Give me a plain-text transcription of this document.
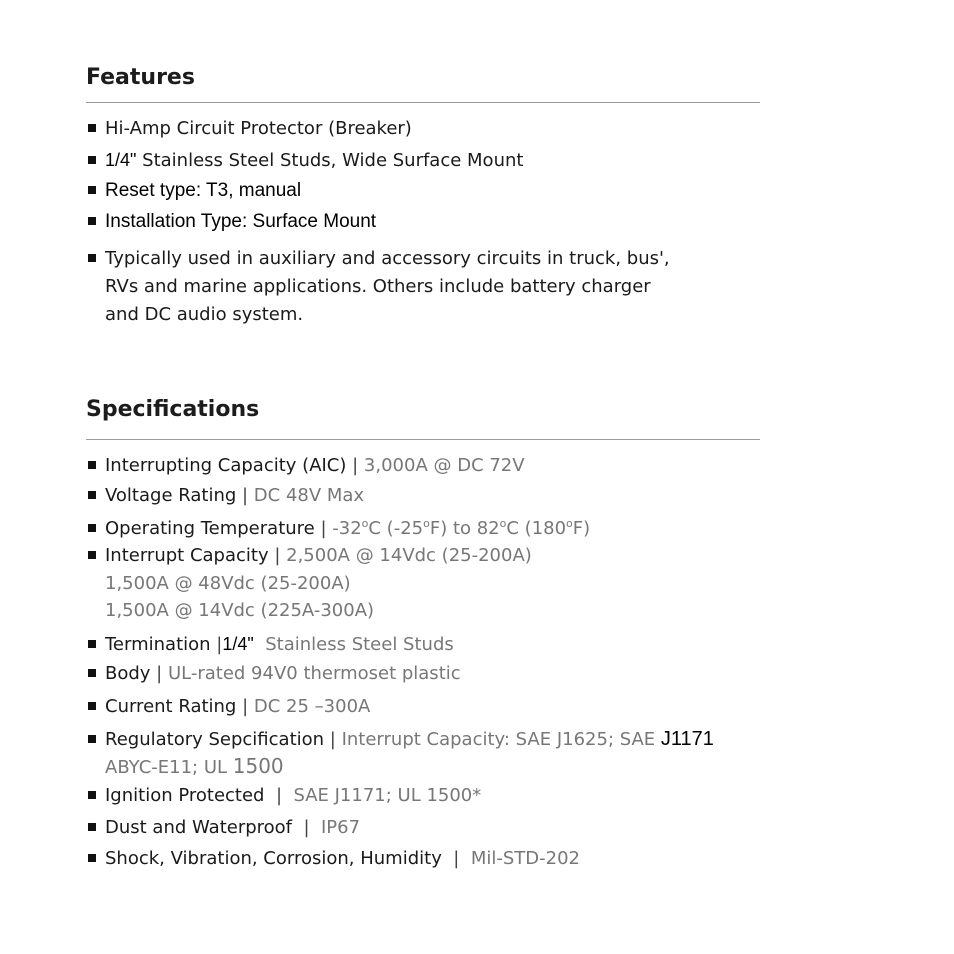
Features
Hi-Amp Circuit Protector (Breaker)
1/4" Stainless Steel Studs, Wide Surface Mount
Reset type: T3, manual
Installation Type: Surface Mount
Typically used in auxiliary and accessory circuits in truck, bus',
RVs and marine applications. Others include battery charger
and DC audio system.
Specifications
Interrupting Capacity (AIC) | 3,000A @ DC 72V
Voltage Rating | DC 48V Max
Operating Temperature | -32$^o$C (-25$^o$F) to 82$^o$C (180$^o$F)
Interrupt Capacity | 2,500A @ 14Vdc (25-200A)
1,500A @ 48Vdc (25-200A)
1,500A @ 14Vdc (225A-300A)
Termination |1/4"  Stainless Steel Studs
Body | UL-rated 94V0 thermoset plastic
Current Rating | DC 25 –300A
Regulatory Sepcification | Interrupt Capacity: SAE J1625; SAE J1171
ABYC-E11; UL 1500
Ignition Protected  |  SAE J1171; UL 1500*
Dust and Waterproof  |  IP67
Shock, Vibration, Corrosion, Humidity  |  Mil-STD-202
